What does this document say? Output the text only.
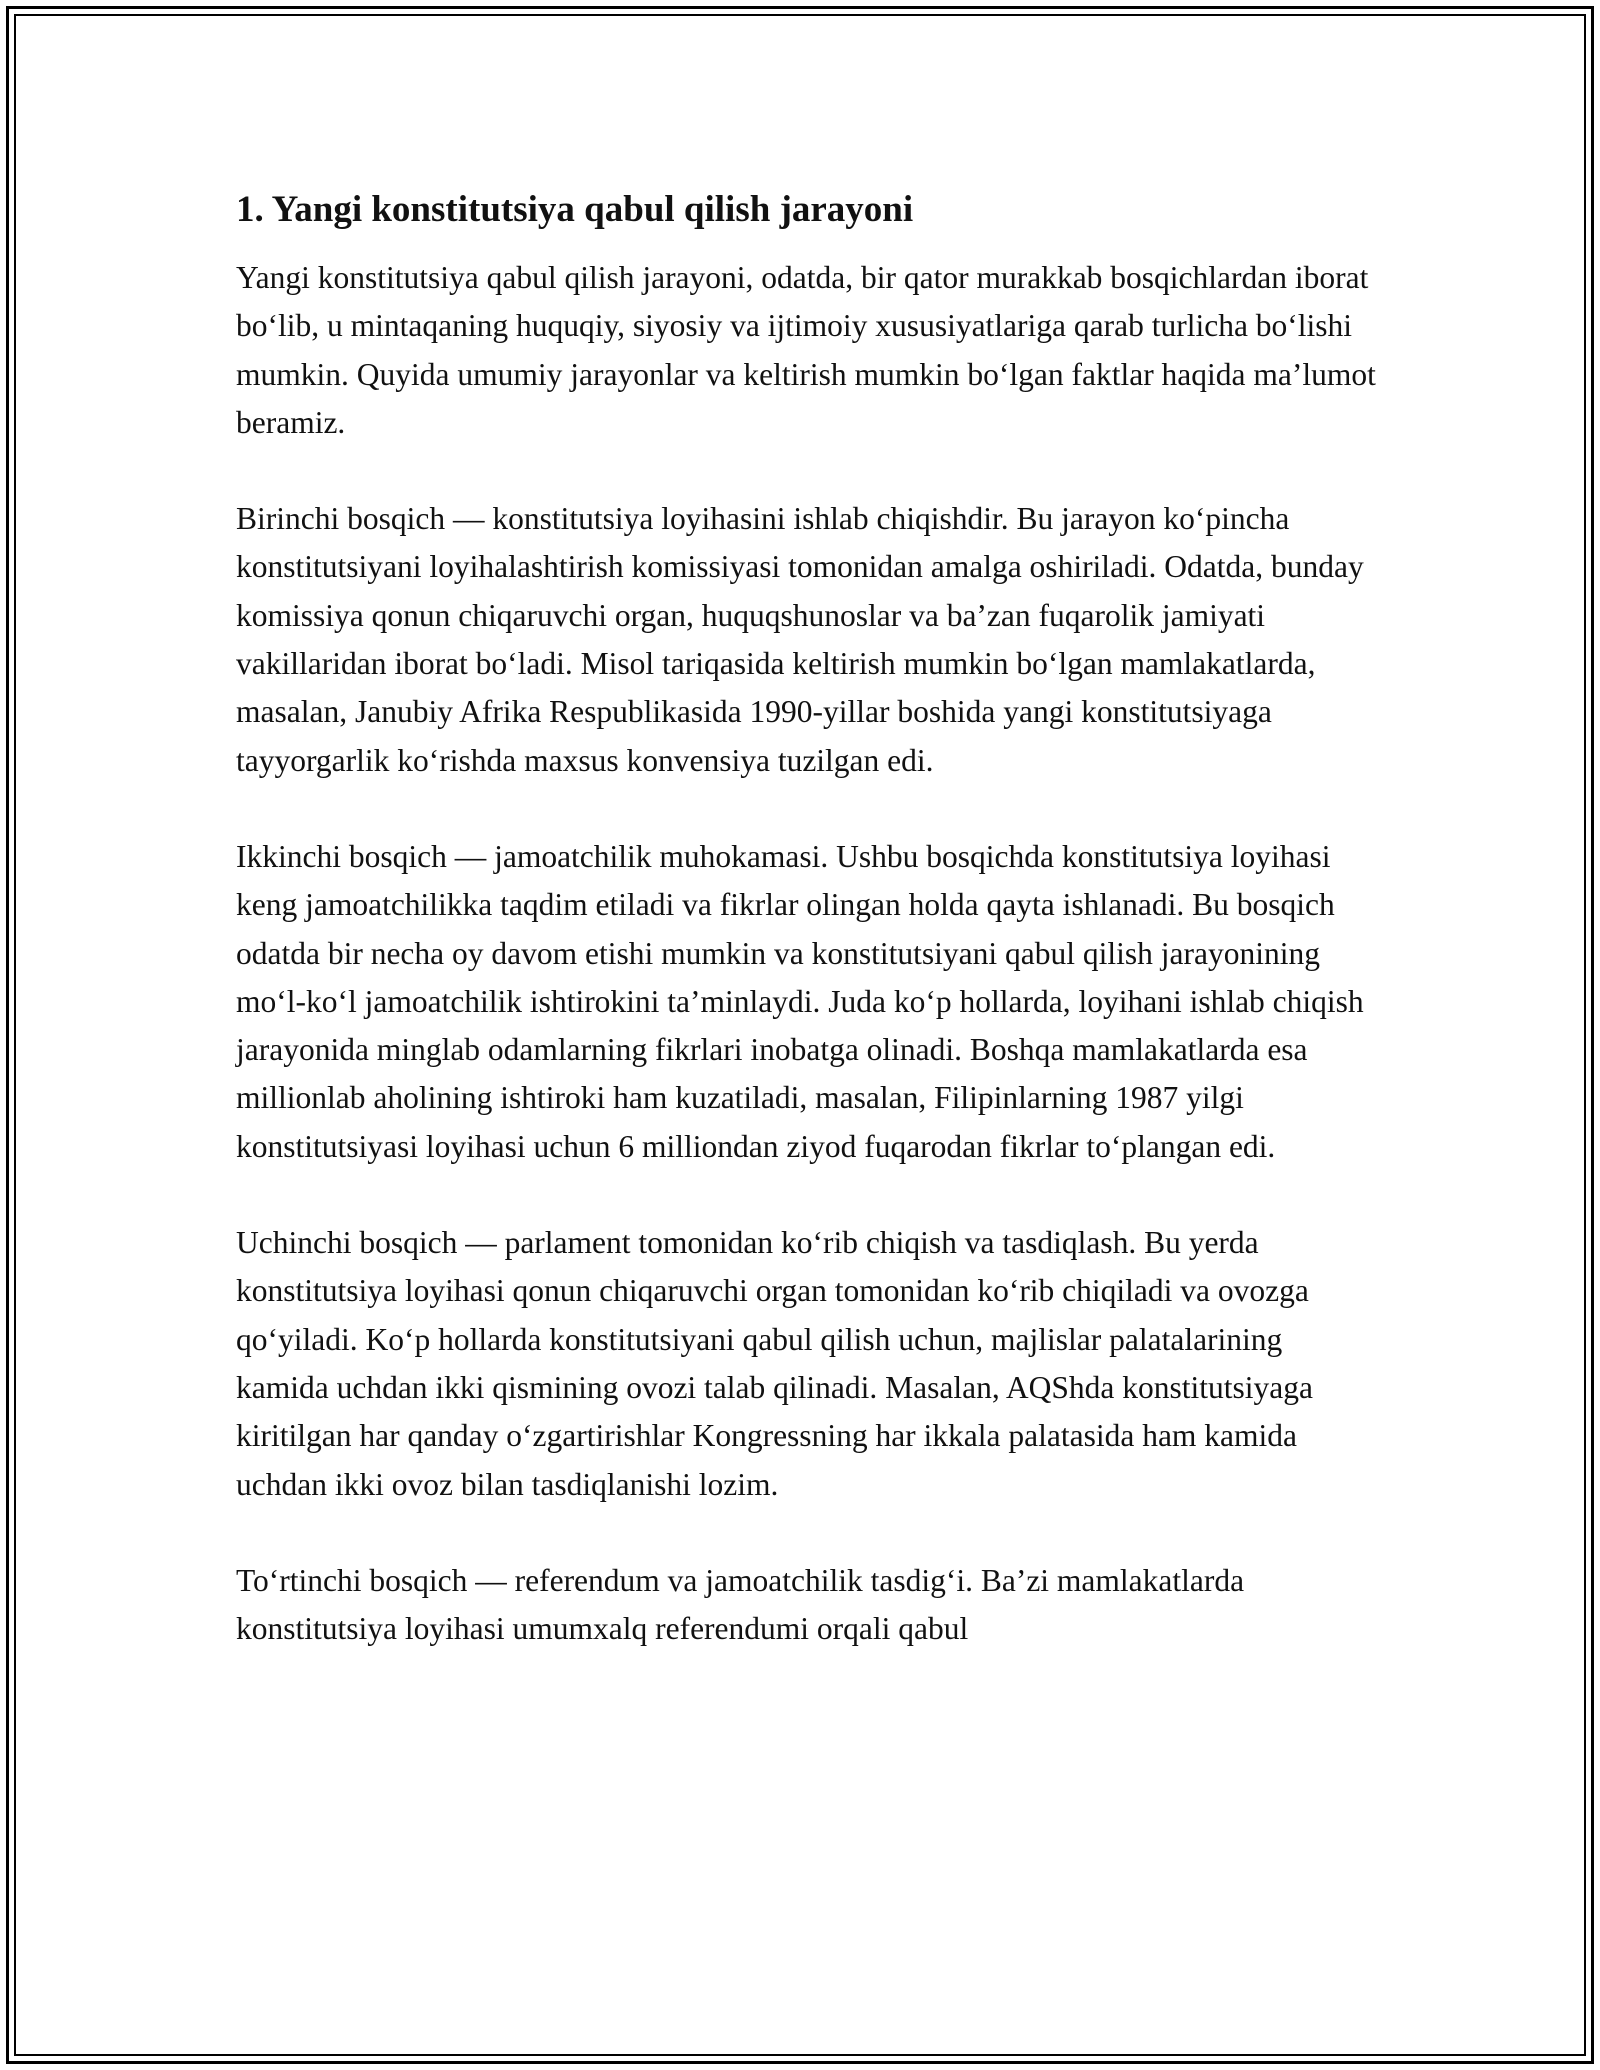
1. Yangi konstitutsiya qabul qilish jarayoni

Yangi konstitutsiya qabul qilish jarayoni, odatda, bir qator murakkab bosqichlardan iborat bo‘lib, u mintaqaning huquqiy, siyosiy va ijtimoiy xususiyatlariga qarab turlicha bo‘lishi mumkin. Quyida umumiy jarayonlar va keltirish mumkin bo‘lgan faktlar haqida ma’lumot beramiz.

Birinchi bosqich — konstitutsiya loyihasini ishlab chiqishdir. Bu jarayon ko‘pincha konstitutsiyani loyihalashtirish komissiyasi tomonidan amalga oshiriladi. Odatda, bunday komissiya qonun chiqaruvchi organ, huquqshunoslar va ba’zan fuqarolik jamiyati vakillaridan iborat bo‘ladi. Misol tariqasida keltirish mumkin bo‘lgan mamlakatlarda, masalan, Janubiy Afrika Respublikasida 1990-yillar boshida yangi konstitutsiyaga tayyorgarlik ko‘rishda maxsus konvensiya tuzilgan edi.

Ikkinchi bosqich — jamoatchilik muhokamasi. Ushbu bosqichda konstitutsiya loyihasi keng jamoatchilikka taqdim etiladi va fikrlar olingan holda qayta ishlanadi. Bu bosqich odatda bir necha oy davom etishi mumkin va konstitutsiyani qabul qilish jarayonining mo‘l-ko‘l jamoatchilik ishtirokini ta’minlaydi. Juda ko‘p hollarda, loyihani ishlab chiqish jarayonida minglab odamlarning fikrlari inobatga olinadi. Boshqa mamlakatlarda esa millionlab aholining ishtiroki ham kuzatiladi, masalan, Filipinlarning 1987 yilgi konstitutsiyasi loyihasi uchun 6 milliondan ziyod fuqarodan fikrlar to‘plangan edi.

Uchinchi bosqich — parlament tomonidan ko‘rib chiqish va tasdiqlash. Bu yerda konstitutsiya loyihasi qonun chiqaruvchi organ tomonidan ko‘rib chiqiladi va ovozga qo‘yiladi. Ko‘p hollarda konstitutsiyani qabul qilish uchun, majlislar palatalarining kamida uchdan ikki qismining ovozi talab qilinadi. Masalan, AQShda konstitutsiyaga kiritilgan har qanday o‘zgartirishlar Kongressning har ikkala palatasida ham kamida uchdan ikki ovoz bilan tasdiqlanishi lozim.

To‘rtinchi bosqich — referendum va jamoatchilik tasdig‘i. Ba’zi mamlakatlarda konstitutsiya loyihasi umumxalq referendumi orqali qabul
